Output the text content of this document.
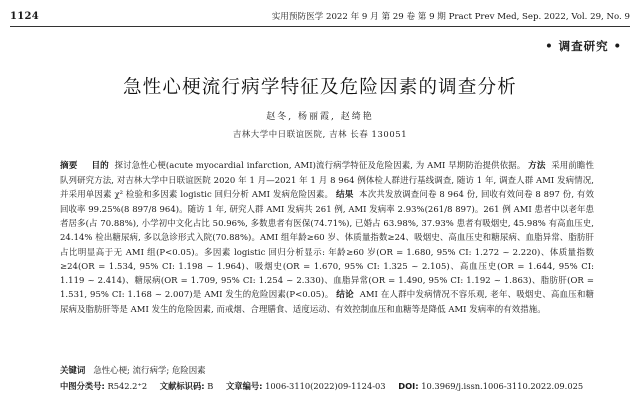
1124	实用预防医学 2022 年 9 月 第 29 卷 第 9 期 Pract Prev Med, Sep. 2022, Vol. 29, No. 9
• 调查研究 •
急性心梗流行病学特征及危险因素的调查分析
赵冬, 杨丽霞, 赵绮艳
吉林大学中日联谊医院, 吉林 长春 130051

摘要 目的 探讨急性心梗(acute myocardial infarction, AMI)流行病学特征及危险因素, 为 AMI 早期防治提供依据。 方法 采用前瞻性队列研究方法, 对吉林大学中日联谊医院 2020 年 1 月—2021 年 1 月 8 964 例体检人群进行基线调查, 随访 1 年, 调查人群 AMI 发病情况, 并采用单因素 χ² 检验和多因素 logistic 回归分析 AMI 发病危险因素。 结果 本次共发放调查问卷 8 964 份, 回收有效问卷 8 897 份, 有效回收率 99.25%(8 897/8 964)。随访 1 年, 研究人群 AMI 发病共 261 例, AMI 发病率 2.93%(261/8 897)。261 例 AMI 患者中以老年患者居多(占 70.88%), 小学初中文化占比 50.96%, 多数患者有医保(74.71%), 已婚占 63.98%, 37.93% 患者有吸烟史, 45.98% 有高血压史, 24.14% 检出糖尿病, 多以急诊形式入院(70.88%)。AMI 组年龄≥60 岁、体质量指数≥24、吸烟史、高血压史和糖尿病、血脂异常、脂肪肝占比明显高于无 AMI 组(P<0.05)。多因素 logistic 回归分析显示: 年龄≥60 岁(OR = 1.680, 95% CI: 1.272 ~ 2.220)、体质量指数≥24(OR = 1.534, 95% CI: 1.198 ~ 1.964)、吸烟史(OR = 1.670, 95% CI: 1.325 ~ 2.105)、高血压史(OR = 1.644, 95% CI: 1.119 ~ 2.414)、糖尿病(OR = 1.709, 95% CI: 1.254 ~ 2.330)、血脂异常(OR = 1.490, 95% CI: 1.192 ~ 1.863)、脂肪肝(OR = 1.531, 95% CI: 1.168 ~ 2.007)是 AMI 发生的危险因素(P<0.05)。 结论 AMI 在人群中发病情况不容乐观, 老年、吸烟史、高血压和糖尿病及脂肪肝等是 AMI 发生的危险因素, 而戒烟、合理膳食、适度运动、有效控制血压和血糖等是降低 AMI 发病率的有效措施。

关键词 急性心梗; 流行病学; 危险因素
中图分类号: R542.2⁺2 文献标识码: B 文章编号: 1006-3110(2022)09-1124-03 DOI: 10.3969/j.issn.1006-3110.2022.09.025
